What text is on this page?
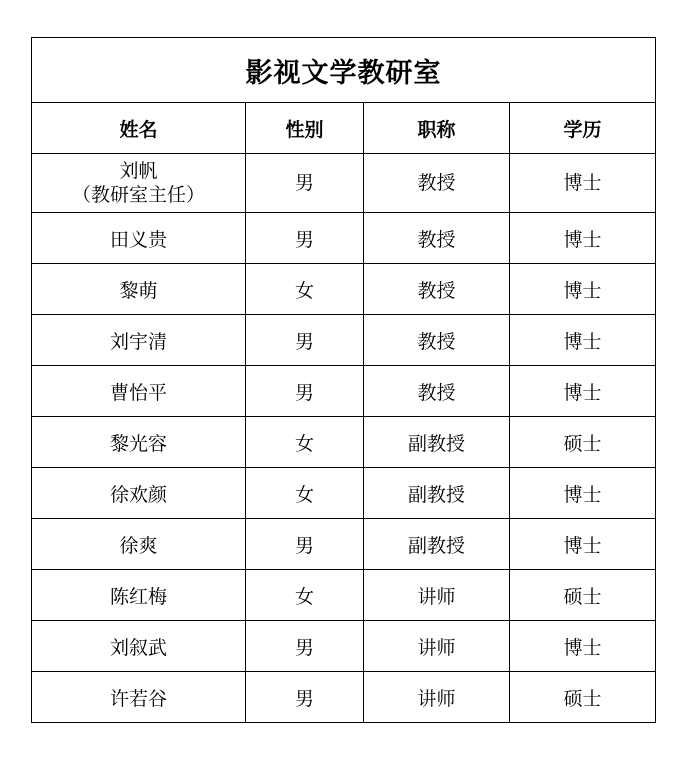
影视文学教研室			
姓名	性别	职称	学历

刘帆
（教研室主任）	男	教授	博士
田义贵	男	教授	博士
黎萌	女	教授	博士
刘宇清	男	教授	博士
曹怡平	男	教授	博士
黎光容	女	副教授	硕士
徐欢颜	女	副教授	博士
徐爽	男	副教授	博士
陈红梅	女	讲师	硕士
刘叙武	男	讲师	博士
许若谷	男	讲师	硕士
